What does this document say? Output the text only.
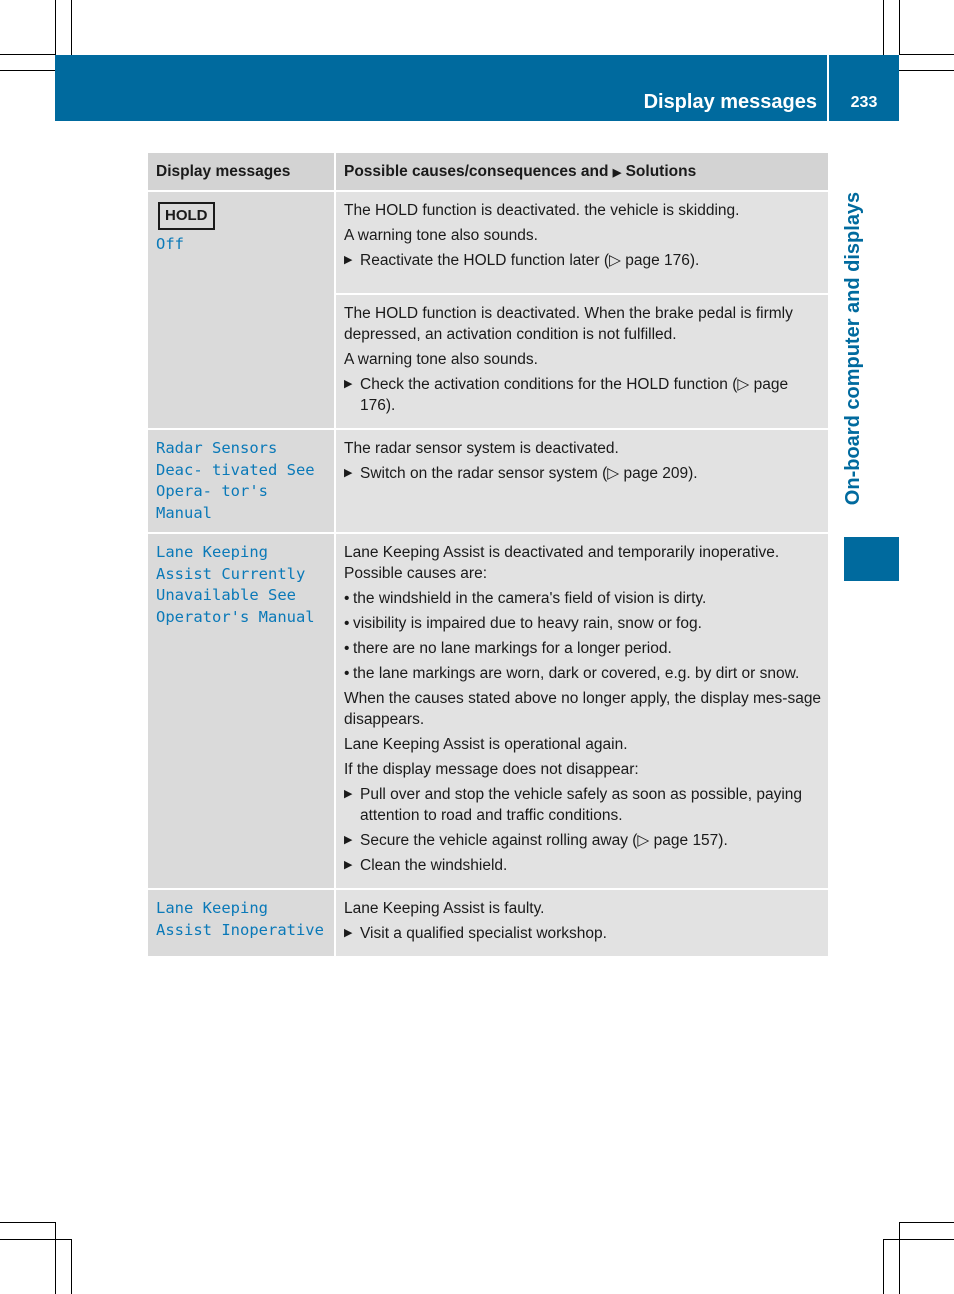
Display messages	233
On-board computer and displays
Display messages	Possible causes/consequences and ▶ Solutions
HOLD
Off

The HOLD function is deactivated. the vehicle is skidding.

A warning tone also sounds.

▶ Reactivate the HOLD function later (▷ page 176).

The HOLD function is deactivated. When the brake pedal is firmly depressed, an activation condition is not fulfilled.

A warning tone also sounds.

▶ Check the activation conditions for the HOLD function (▷ page 176).
Radar Sensors Deac‐ tivated See Opera‐ tor's Manual

The radar sensor system is deactivated.

▶ Switch on the radar sensor system (▷ page 209).
Lane Keeping Assist Currently Unavailable See Operator's Manual

Lane Keeping Assist is deactivated and temporarily inoperative. Possible causes are:

• the windshield in the camera's field of vision is dirty.
• visibility is impaired due to heavy rain, snow or fog.
• there are no lane markings for a longer period.
• the lane markings are worn, dark or covered, e.g. by dirt or snow.

When the causes stated above no longer apply, the display mes-sage disappears.

Lane Keeping Assist is operational again.

If the display message does not disappear:

▶ Pull over and stop the vehicle safely as soon as possible, paying attention to road and traffic conditions.
▶ Secure the vehicle against rolling away (▷ page 157).
▶ Clean the windshield.
Lane Keeping Assist Inoperative

Lane Keeping Assist is faulty.

▶ Visit a qualified specialist workshop.
